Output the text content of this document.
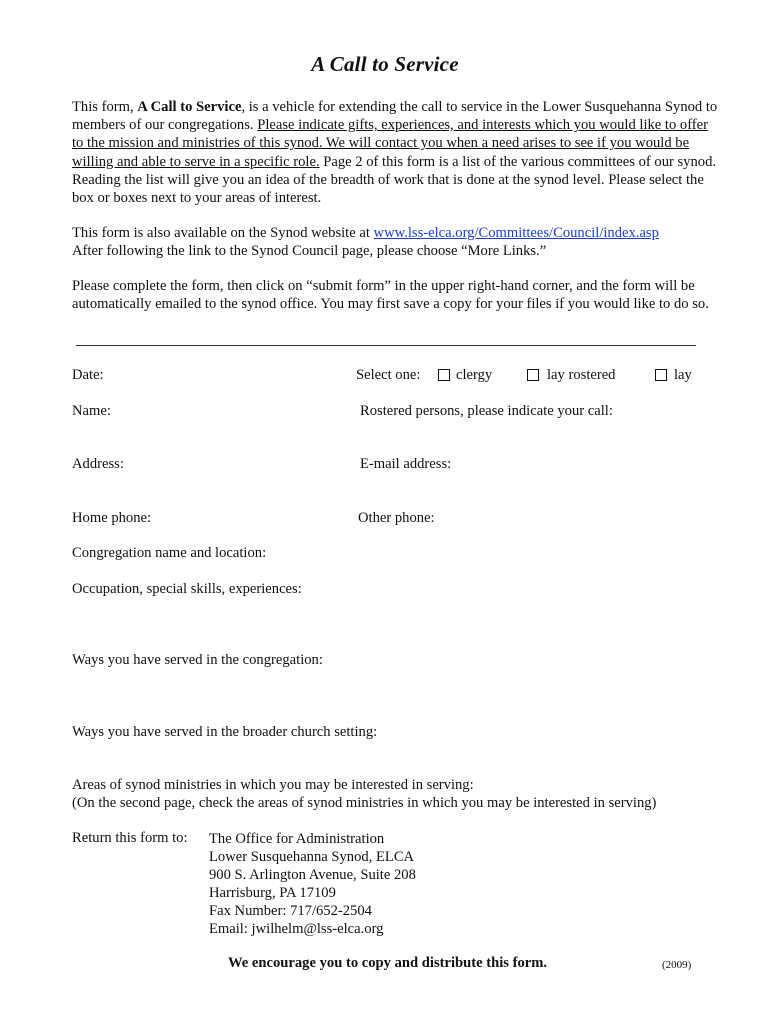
A Call to Service
This form, A Call to Service, is a vehicle for extending the call to service in the Lower Susquehanna Synod to members of our congregations. Please indicate gifts, experiences, and interests which you would like to offer to the mission and ministries of this synod. We will contact you when a need arises to see if you would be willing and able to serve in a specific role. Page 2 of this form is a list of the various committees of our synod. Reading the list will give you an idea of the breadth of work that is done at the synod level. Please select the box or boxes next to your areas of interest.
This form is also available on the Synod website at www.lss-elca.org/Committees/Council/index.asp
After following the link to the Synod Council page, please choose “More Links.”
Please complete the form, then click on “submit form” in the upper right-hand corner, and the form will be automatically emailed to the synod office. You may first save a copy for your files if you would like to do so.
Date:	Select one: clergy	lay rostered	lay
Name:	Rostered persons, please indicate your call:
Address:	E-mail address:
Home phone:	Other phone:
Congregation name and location:
Occupation, special skills, experiences:
Ways you have served in the congregation:
Ways you have served in the broader church setting:
Areas of synod ministries in which you may be interested in serving:
(On the second page, check the areas of synod ministries in which you may be interested in serving)
Return this form to: The Office for Administration
Lower Susquehanna Synod, ELCA
900 S. Arlington Avenue, Suite 208
Harrisburg, PA 17109
Fax Number: 717/652-2504
Email: jwilhelm@lss-elca.org
We encourage you to copy and distribute this form.	(2009)
